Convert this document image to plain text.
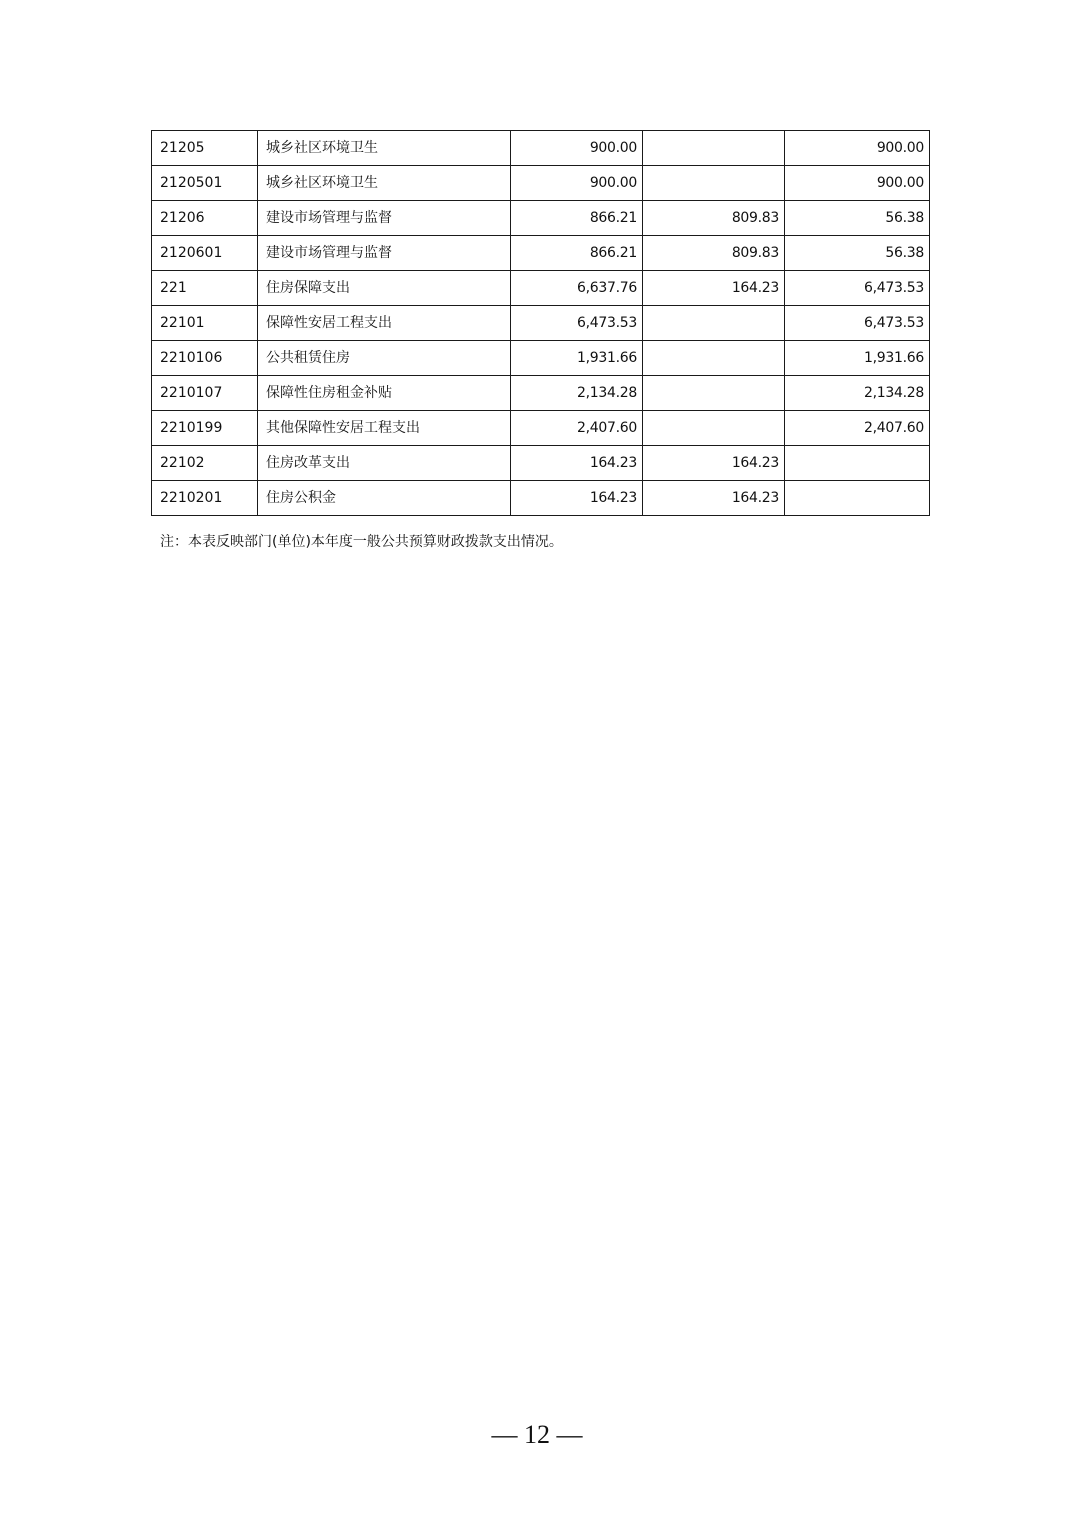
21205	城乡社区环境卫生	900.00		900.00
2120501	城乡社区环境卫生	900.00		900.00
21206	建设市场管理与监督	866.21	809.83	56.38
2120601	建设市场管理与监督	866.21	809.83	56.38
221	住房保障支出	6,637.76	164.23	6,473.53
22101	保障性安居工程支出	6,473.53		6,473.53
2210106	公共租赁住房	1,931.66		1,931.66
2210107	保障性住房租金补贴	2,134.28		2,134.28
2210199	其他保障性安居工程支出	2,407.60		2,407.60
22102	住房改革支出	164.23	164.23	
2210201	住房公积金	164.23	164.23	
注：本表反映部门(单位)本年度一般公共预算财政拨款支出情况。
— 12 —
